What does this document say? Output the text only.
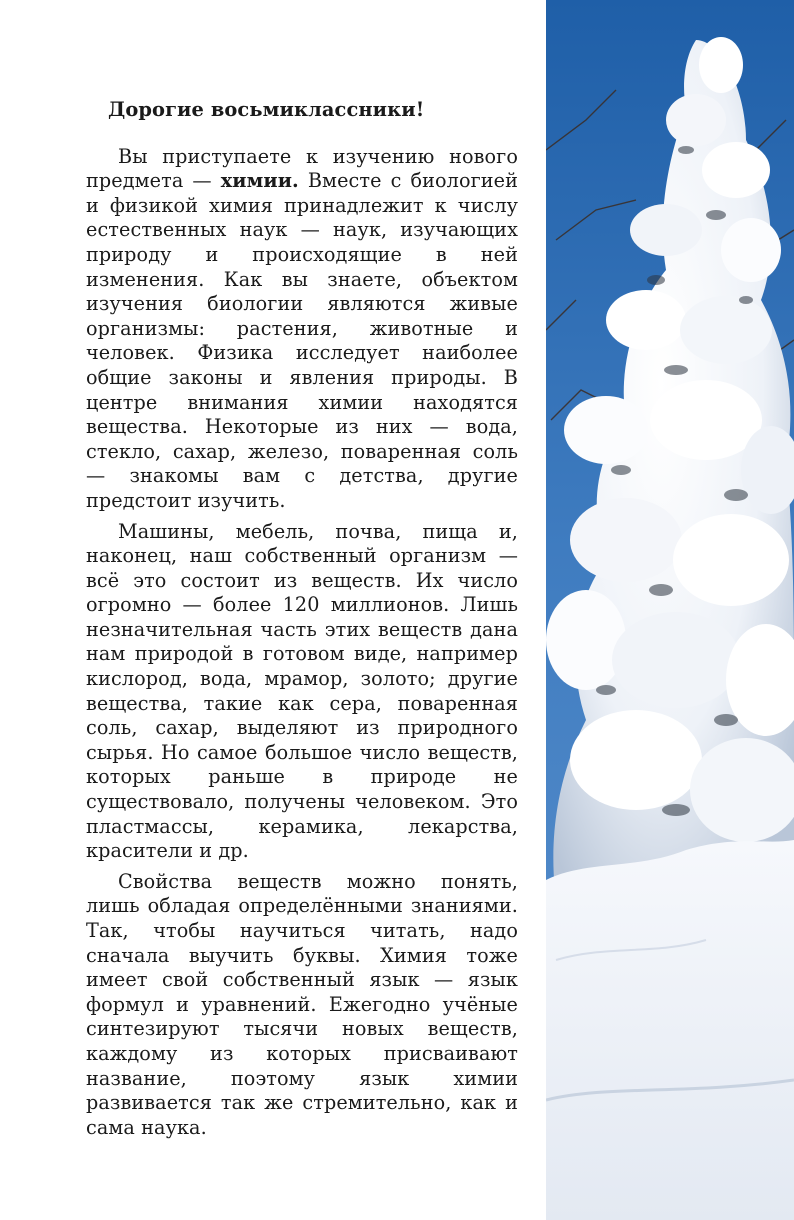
Дорогие восьмиклассники!

Вы приступаете к изучению нового предмета — химии. Вместе с биологией и физикой химия принадлежит к числу естественных наук — наук, изучающих природу и происходящие в ней изменения. Как вы знаете, объектом изучения биологии являются живые организмы: растения, животные и человек. Физика исследует наиболее общие законы и явления природы. В центре внимания химии находятся вещества. Некоторые из них — вода, стекло, сахар, железо, поваренная соль — знакомы вам с детства, другие предстоит изучить.

Машины, мебель, почва, пища и, наконец, наш собственный организм — всё это состоит из веществ. Их число огромно — более 120 миллионов. Лишь незначительная часть этих веществ дана нам природой в готовом виде, например кислород, вода, мрамор, золото; другие вещества, такие как сера, поваренная соль, сахар, выделяют из природного сырья. Но самое большое число веществ, которых раньше в природе не существовало, получены человеком. Это пластмассы, керамика, лекарства, красители и др.

Свойства веществ можно понять, лишь обладая определёнными знаниями. Так, чтобы научиться читать, надо сначала выучить буквы. Химия тоже имеет свой собственный язык — язык формул и уравнений. Ежегодно учёные синтезируют тысячи новых веществ, каждому из которых присваивают название, поэтому язык химии развивается так же стремительно, как и сама наука.
